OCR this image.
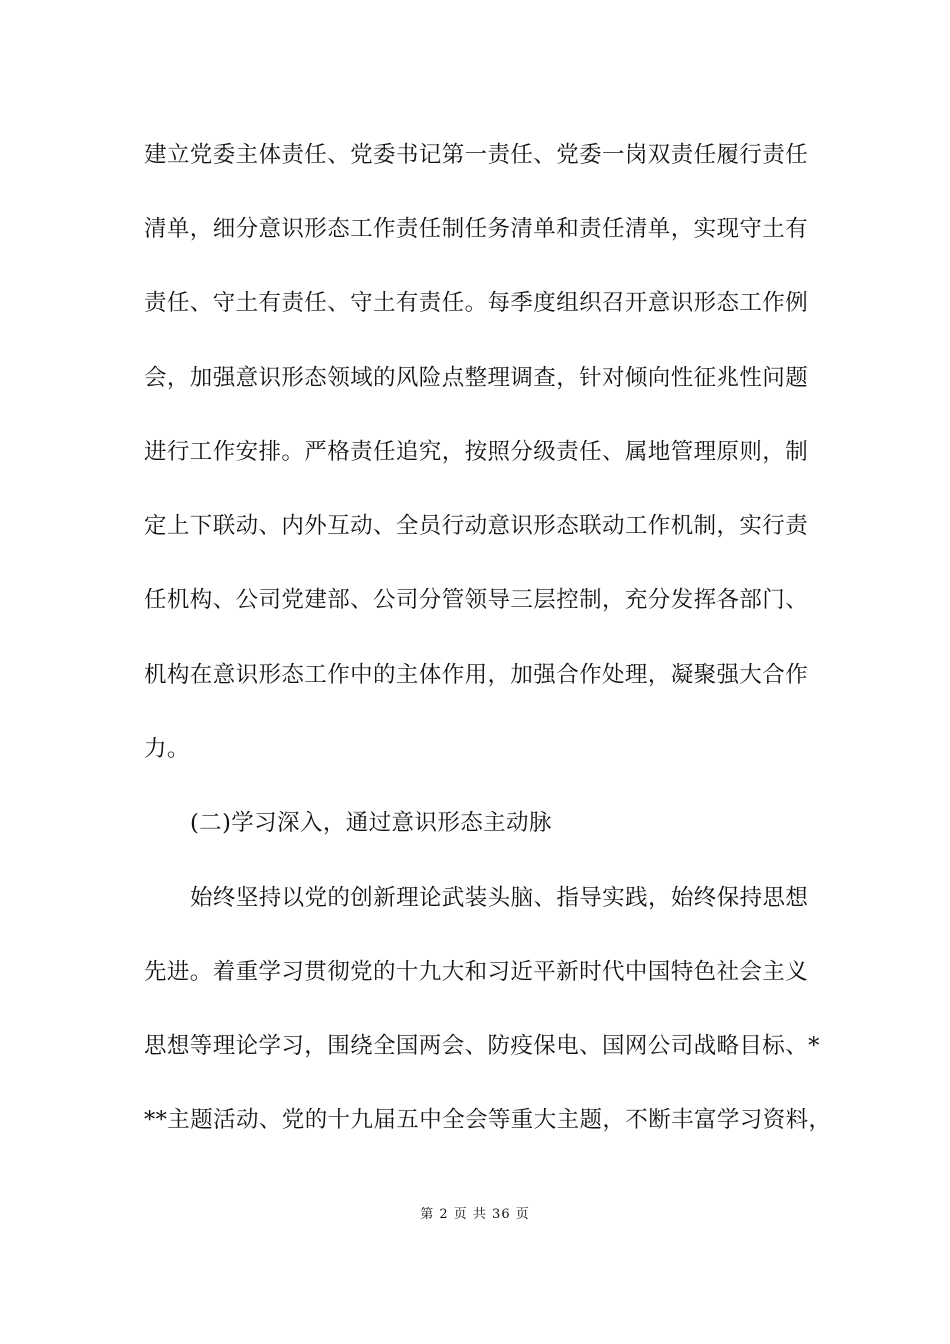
建立党委主体责任、党委书记第一责任、党委一岗双责任履行责任
清单，细分意识形态工作责任制任务清单和责任清单，实现守土有
责任、守土有责任、守土有责任。每季度组织召开意识形态工作例
会，加强意识形态领域的风险点整理调查，针对倾向性征兆性问题
进行工作安排。严格责任追究，按照分级责任、属地管理原则，制
定上下联动、内外互动、全员行动意识形态联动工作机制，实行责
任机构、公司党建部、公司分管领导三层控制，充分发挥各部门、
机构在意识形态工作中的主体作用，加强合作处理，凝聚强大合作
力。
(二)学习深入，通过意识形态主动脉
始终坚持以党的创新理论武装头脑、指导实践，始终保持思想
先进。着重学习贯彻党的十九大和习近平新时代中国特色社会主义
思想等理论学习，围绕全国两会、防疫保电、国网公司战略目标、*
**主题活动、党的十九届五中全会等重大主题，不断丰富学习资料，
第 2 页 共 36 页
